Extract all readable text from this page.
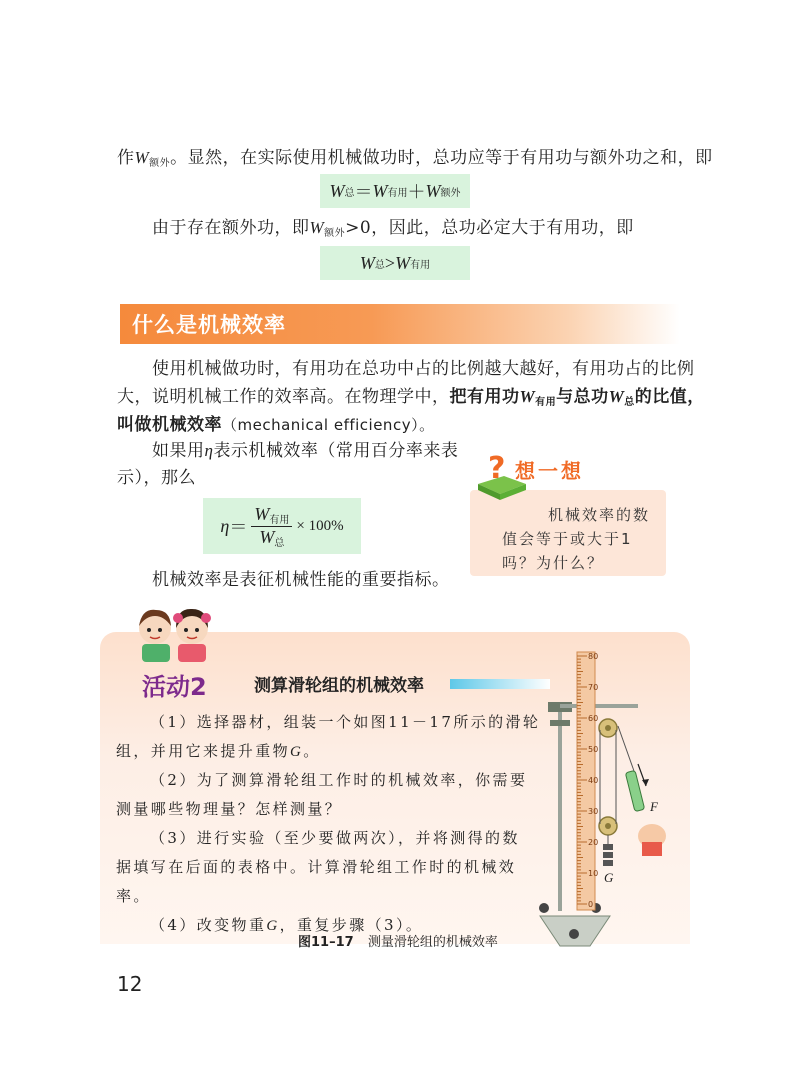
作$W_{额外}$。显然，在实际使用机械做功时，总功应等于有用功与额外功之和，即
W 总 ＝ W 有用 ＋ W 额外
由于存在额外功，即$W_{额外}>0$，因此，总功必定大于有用功，即
W 总 > W 有用
什么是机械效率
使用机械做功时，有用功在总功中占的比例越大越好，有用功占的比例
大，说明机械工作的效率高。在物理学中，把有用功$W_{有用}$与总功$W_总$的比值，
叫做机械效率（mechanical efficiency）。
如果用η表示机械效率（常用百分率来表
示），那么
η ＝
$W_{有用}$
$W_总$
× 100%
机械效率是表征机械性能的重要指标。
? 想一想
机械效率的数
值会等于或大于1
吗？为什么？
活动2	测算滑轮组的机械效率
（1）选择器材，组装一个如图11－17所示的滑轮
组，并用它来提升重物G。
（2）为了测算滑轮组工作时的机械效率，你需要
测量哪些物理量？怎样测量？
（3）进行实验（至少要做两次），并将测得的数
据填写在后面的表格中。计算滑轮组工作时的机械效
率。
（4）改变物重G，重复步骤（3）。
80
70
60
50
40
30
20
10
0
F
G
图11–17 测量滑轮组的机械效率
12
